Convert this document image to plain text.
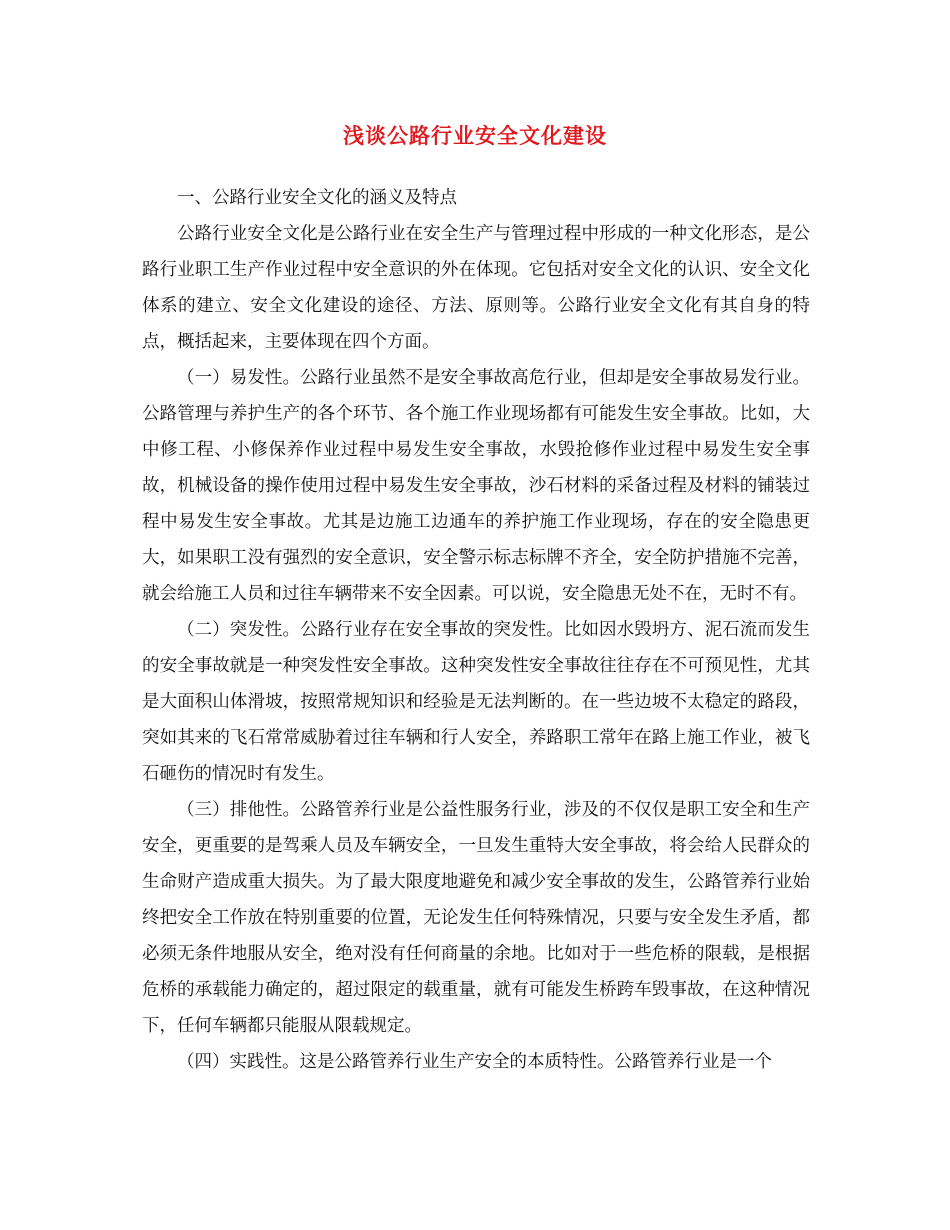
浅谈公路行业安全文化建设

一、公路行业安全文化的涵义及特点

公路行业安全文化是公路行业在安全生产与管理过程中形成的一种文化形态，是公路行业职工生产作业过程中安全意识的外在体现。它包括对安全文化的认识、安全文化体系的建立、安全文化建设的途径、方法、原则等。公路行业安全文化有其自身的特点，概括起来，主要体现在四个方面。

（一）易发性。公路行业虽然不是安全事故高危行业，但却是安全事故易发行业。公路管理与养护生产的各个环节、各个施工作业现场都有可能发生安全事故。比如，大中修工程、小修保养作业过程中易发生安全事故，水毁抢修作业过程中易发生安全事故，机械设备的操作使用过程中易发生安全事故，沙石材料的采备过程及材料的铺装过程中易发生安全事故。尤其是边施工边通车的养护施工作业现场，存在的安全隐患更大，如果职工没有强烈的安全意识，安全警示标志标牌不齐全，安全防护措施不完善，就会给施工人员和过往车辆带来不安全因素。可以说，安全隐患无处不在，无时不有。

（二）突发性。公路行业存在安全事故的突发性。比如因水毁坍方、泥石流而发生的安全事故就是一种突发性安全事故。这种突发性安全事故往往存在不可预见性，尤其是大面积山体滑坡，按照常规知识和经验是无法判断的。在一些边坡不太稳定的路段，突如其来的飞石常常威胁着过往车辆和行人安全，养路职工常年在路上施工作业，被飞石砸伤的情况时有发生。

（三）排他性。公路管养行业是公益性服务行业，涉及的不仅仅是职工安全和生产安全，更重要的是驾乘人员及车辆安全，一旦发生重特大安全事故，将会给人民群众的生命财产造成重大损失。为了最大限度地避免和减少安全事故的发生，公路管养行业始终把安全工作放在特别重要的位置，无论发生任何特殊情况，只要与安全发生矛盾，都必须无条件地服从安全，绝对没有任何商量的余地。比如对于一些危桥的限载，是根据危桥的承载能力确定的，超过限定的载重量，就有可能发生桥跨车毁事故，在这种情况下，任何车辆都只能服从限载规定。

（四）实践性。这是公路管养行业生产安全的本质特性。公路管养行业是一个
